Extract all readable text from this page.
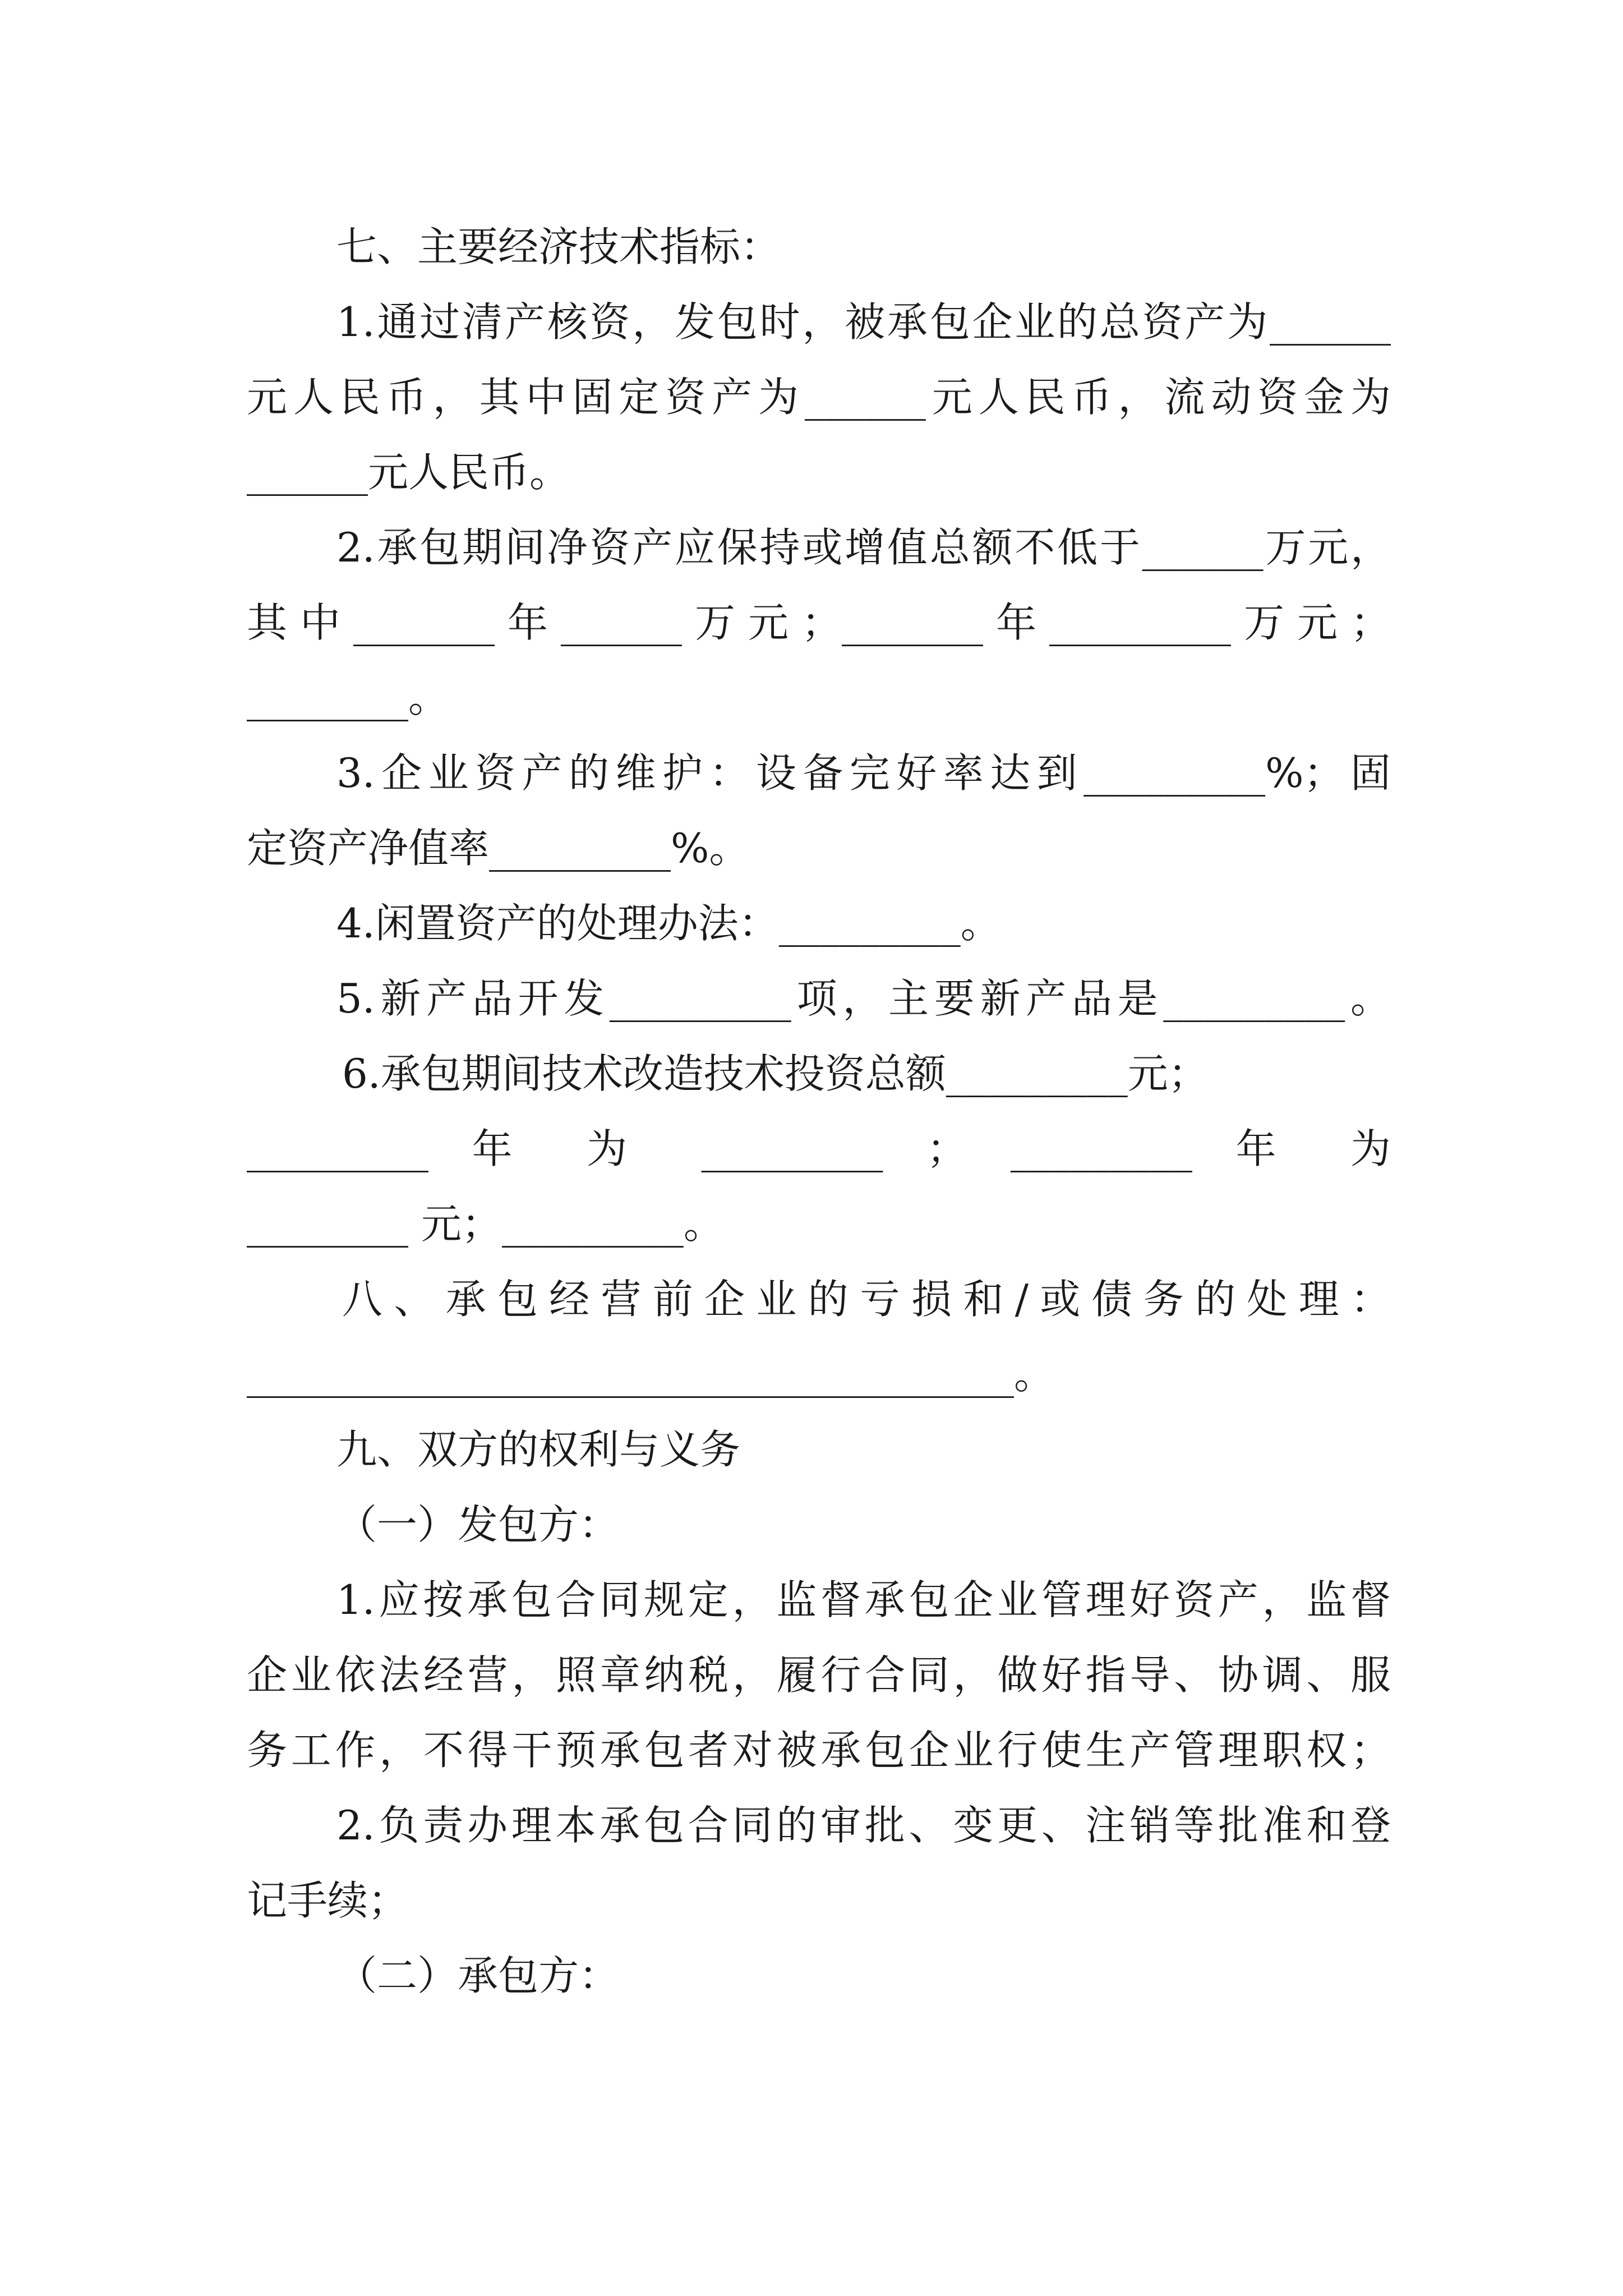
七、主要经济技术指标：
1.通过清产核资，发包时，被承包企业的总资产为______
元人民币，其中固定资产为______元人民币，流动资金为
______元人民币。
2.承包期间净资产应保持或增值总额不低于______万元，
其中_______年______万元；_______年_________万元；
________。
3.企业资产的维护：设备完好率达到_________%；固
定资产净值率_________%。
4.闲置资产的处理办法：_________。
5.新产品开发_________项，主要新产品是_________。
6.承包期间技术改造技术投资总额_________元；
_________ 年 为 _________ ； _________ 年 为
________ 元；_________。
八、承包经营前企业的亏损和/或债务的处理：
______________________________________。
九、双方的权利与义务
（一）发包方：
1.应按承包合同规定，监督承包企业管理好资产，监督
企业依法经营，照章纳税，履行合同，做好指导、协调、服
务工作，不得干预承包者对被承包企业行使生产管理职权；
2.负责办理本承包合同的审批、变更、注销等批准和登
记手续；
（二）承包方：
